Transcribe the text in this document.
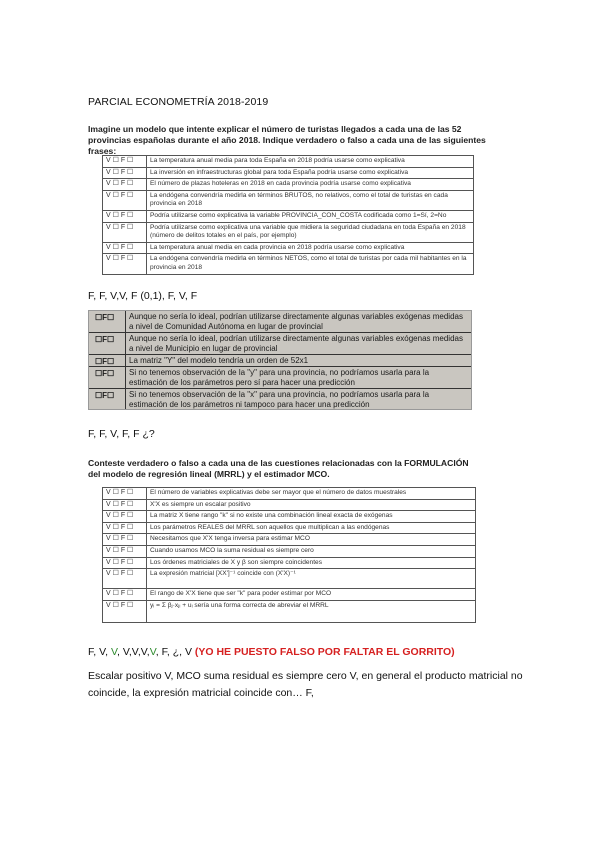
PARCIAL ECONOMETRÍA 2018-2019
Imagine un modelo que intente explicar el número de turistas llegados a cada una de las 52 provincias españolas durante el año 2018. Indique verdadero o falso a cada una de las siguientes frases:
V ☐ F ☐	La temperatura anual media para toda España en 2018 podría usarse como explicativa
V ☐ F ☐	La inversión en infraestructuras global para toda España podría usarse como explicativa
V ☐ F ☐	El número de plazas hoteleras en 2018 en cada provincia podría usarse como explicativa
V ☐ F ☐	La endógena convendría medirla en términos BRUTOS, no relativos, como el total de turistas en cada provincia en 2018
V ☐ F ☐	Podría utilizarse como explicativa la variable PROVINCIA_CON_COSTA codificada como 1=Sí, 2=No
V ☐ F ☐	Podría utilizarse como explicativa una variable que midiera la seguridad ciudadana en toda España en 2018 (número de delitos totales en el país, por ejemplo)
V ☐ F ☐	La temperatura anual media en cada provincia en 2018 podría usarse como explicativa
V ☐ F ☐	La endógena convendría medirla en términos NETOS, como el total de turistas por cada mil habitantes en la provincia en 2018
F, F, V,V, F (0,1), F, V, F
☐F☐	Aunque no sería lo ideal, podrían utilizarse directamente algunas variables exógenas medidas a nivel de Comunidad Autónoma en lugar de provincial
☐F☐	Aunque no sería lo ideal, podrían utilizarse directamente algunas variables exógenas medidas a nivel de Municipio en lugar de provincial
☐F☐	La matriz "Y" del modelo tendría un orden de 52x1
☐F☐	Si no tenemos observación de la "y" para una provincia, no podríamos usarla para la estimación de los parámetros pero sí para hacer una predicción
☐F☐	Si no tenemos observación de la "x" para una provincia, no podríamos usarla para la estimación de los parámetros ni tampoco para hacer una predicción
F, F, V, F, F ¿?
Conteste verdadero o falso a cada una de las cuestiones relacionadas con la FORMULACIÓN del modelo de regresión lineal (MRRL) y el estimador MCO.
V ☐ F ☐	El número de variables explicativas debe ser mayor que el número de datos muestrales
V ☐ F ☐	X'X es siempre un escalar positivo
V ☐ F ☐	La matriz X tiene rango "k" si no existe una combinación lineal exacta de exógenas
V ☐ F ☐	Los parámetros REALES del MRRL son aquellos que multiplican a las endógenas
V ☐ F ☐	Necesitamos que X'X tenga inversa para estimar MCO
V ☐ F ☐	Cuando usamos MCO la suma residual es siempre cero
V ☐ F ☐	Los órdenes matriciales de X y β son siempre coincidentes
V ☐ F ☐	La expresión matricial [XX']⁻¹ coincide con (X'X)⁻¹
V ☐ F ☐	El rango de X'X tiene que ser "k" para poder estimar por MCO
V ☐ F ☐	yᵢ = Σ βⱼ·xⱼᵢ + uᵢ sería una forma correcta de abreviar el MRRL
F, V, V, V,V,V,V, F, ¿, V (YO HE PUESTO FALSO POR FALTAR EL GORRITO)
Escalar positivo V, MCO suma residual es siempre cero V, en general el producto matricial no coincide, la expresión matricial coincide con… F,
